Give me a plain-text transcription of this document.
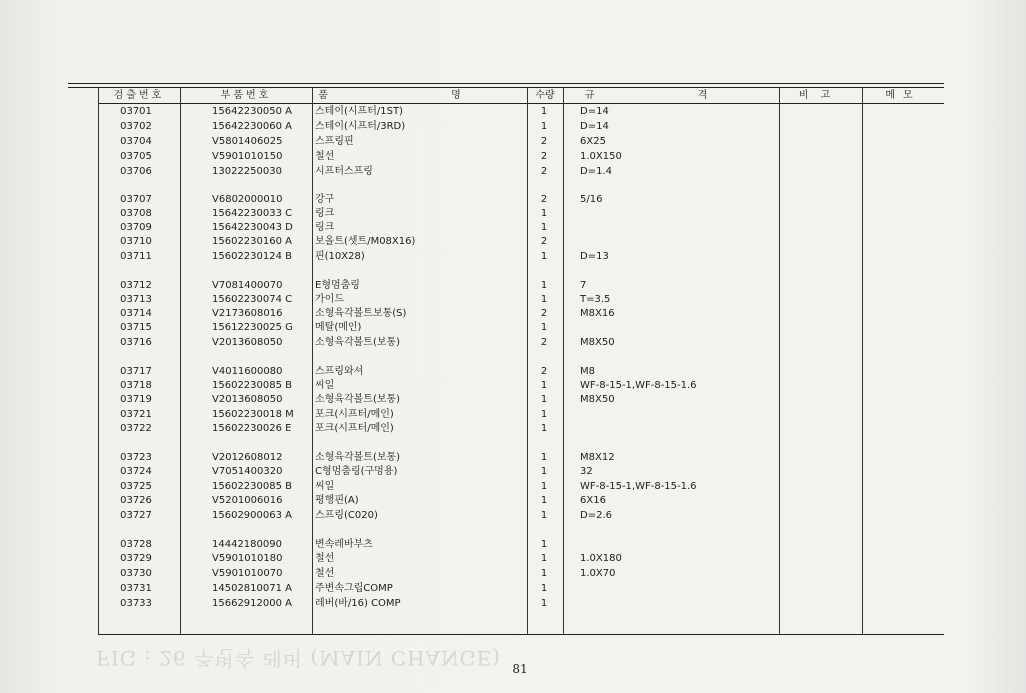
검출번호	부품번호	품 명	수량	규 격	비고	메모
03701	15642230050 A	스테이(시프터/1ST)	1	D=14
03702	15642230060 A	스테이(시프터/3RD)	1	D=14
03704	V5801406025	스프링핀	2	6X25
03705	V5901010150	철선	2	1.0X150
03706	13022250030	시프터스프링	2	D=1.4
03707	V6802000010	강구	2	5/16
03708	15642230033 C	링크	1
03709	15642230043 D	링크	1
03710	15602230160 A	보올트(셋트/M08X16)	2
03711	15602230124 B	핀(10X28)	1	D=13
03712	V7081400070	E형멈춤링	1	7
03713	15602230074 C	가이드	1	T=3.5
03714	V2173608016	소형육각볼트보통(S)	2	M8X16
03715	15612230025 G	메탈(메인)	1
03716	V2013608050	소형육각볼트(보통)	2	M8X50
03717	V4011600080	스프링와셔	2	M8
03718	15602230085 B	씨일	1	WF-8-15-1,WF-8-15-1.6
03719	V2013608050	소형육각볼트(보통)	1	M8X50
03721	15602230018 M	포크(시프터/메인)	1
03722	15602230026 E	포크(시프터/메인)	1
03723	V2012608012	소형육각볼트(보통)	1	M8X12
03724	V7051400320	C형멈춤링(구멍용)	1	32
03725	15602230085 B	씨일	1	WF-8-15-1,WF-8-15-1.6
03726	V5201006016	평행핀(A)	1	6X16
03727	15602900063 A	스프링(C020)	1	D=2.6
03728	14442180090	변속레바부츠	1
03729	V5901010180	철선	1	1.0X180
03730	V5901010070	철선	1	1.0X70
03731	14502810071 A	주변속그립COMP	1
03733	15662912000 A	레버(바/16) COMP	1
FIG : 26 주변속 레버 (MAIN CHANGE) 81
